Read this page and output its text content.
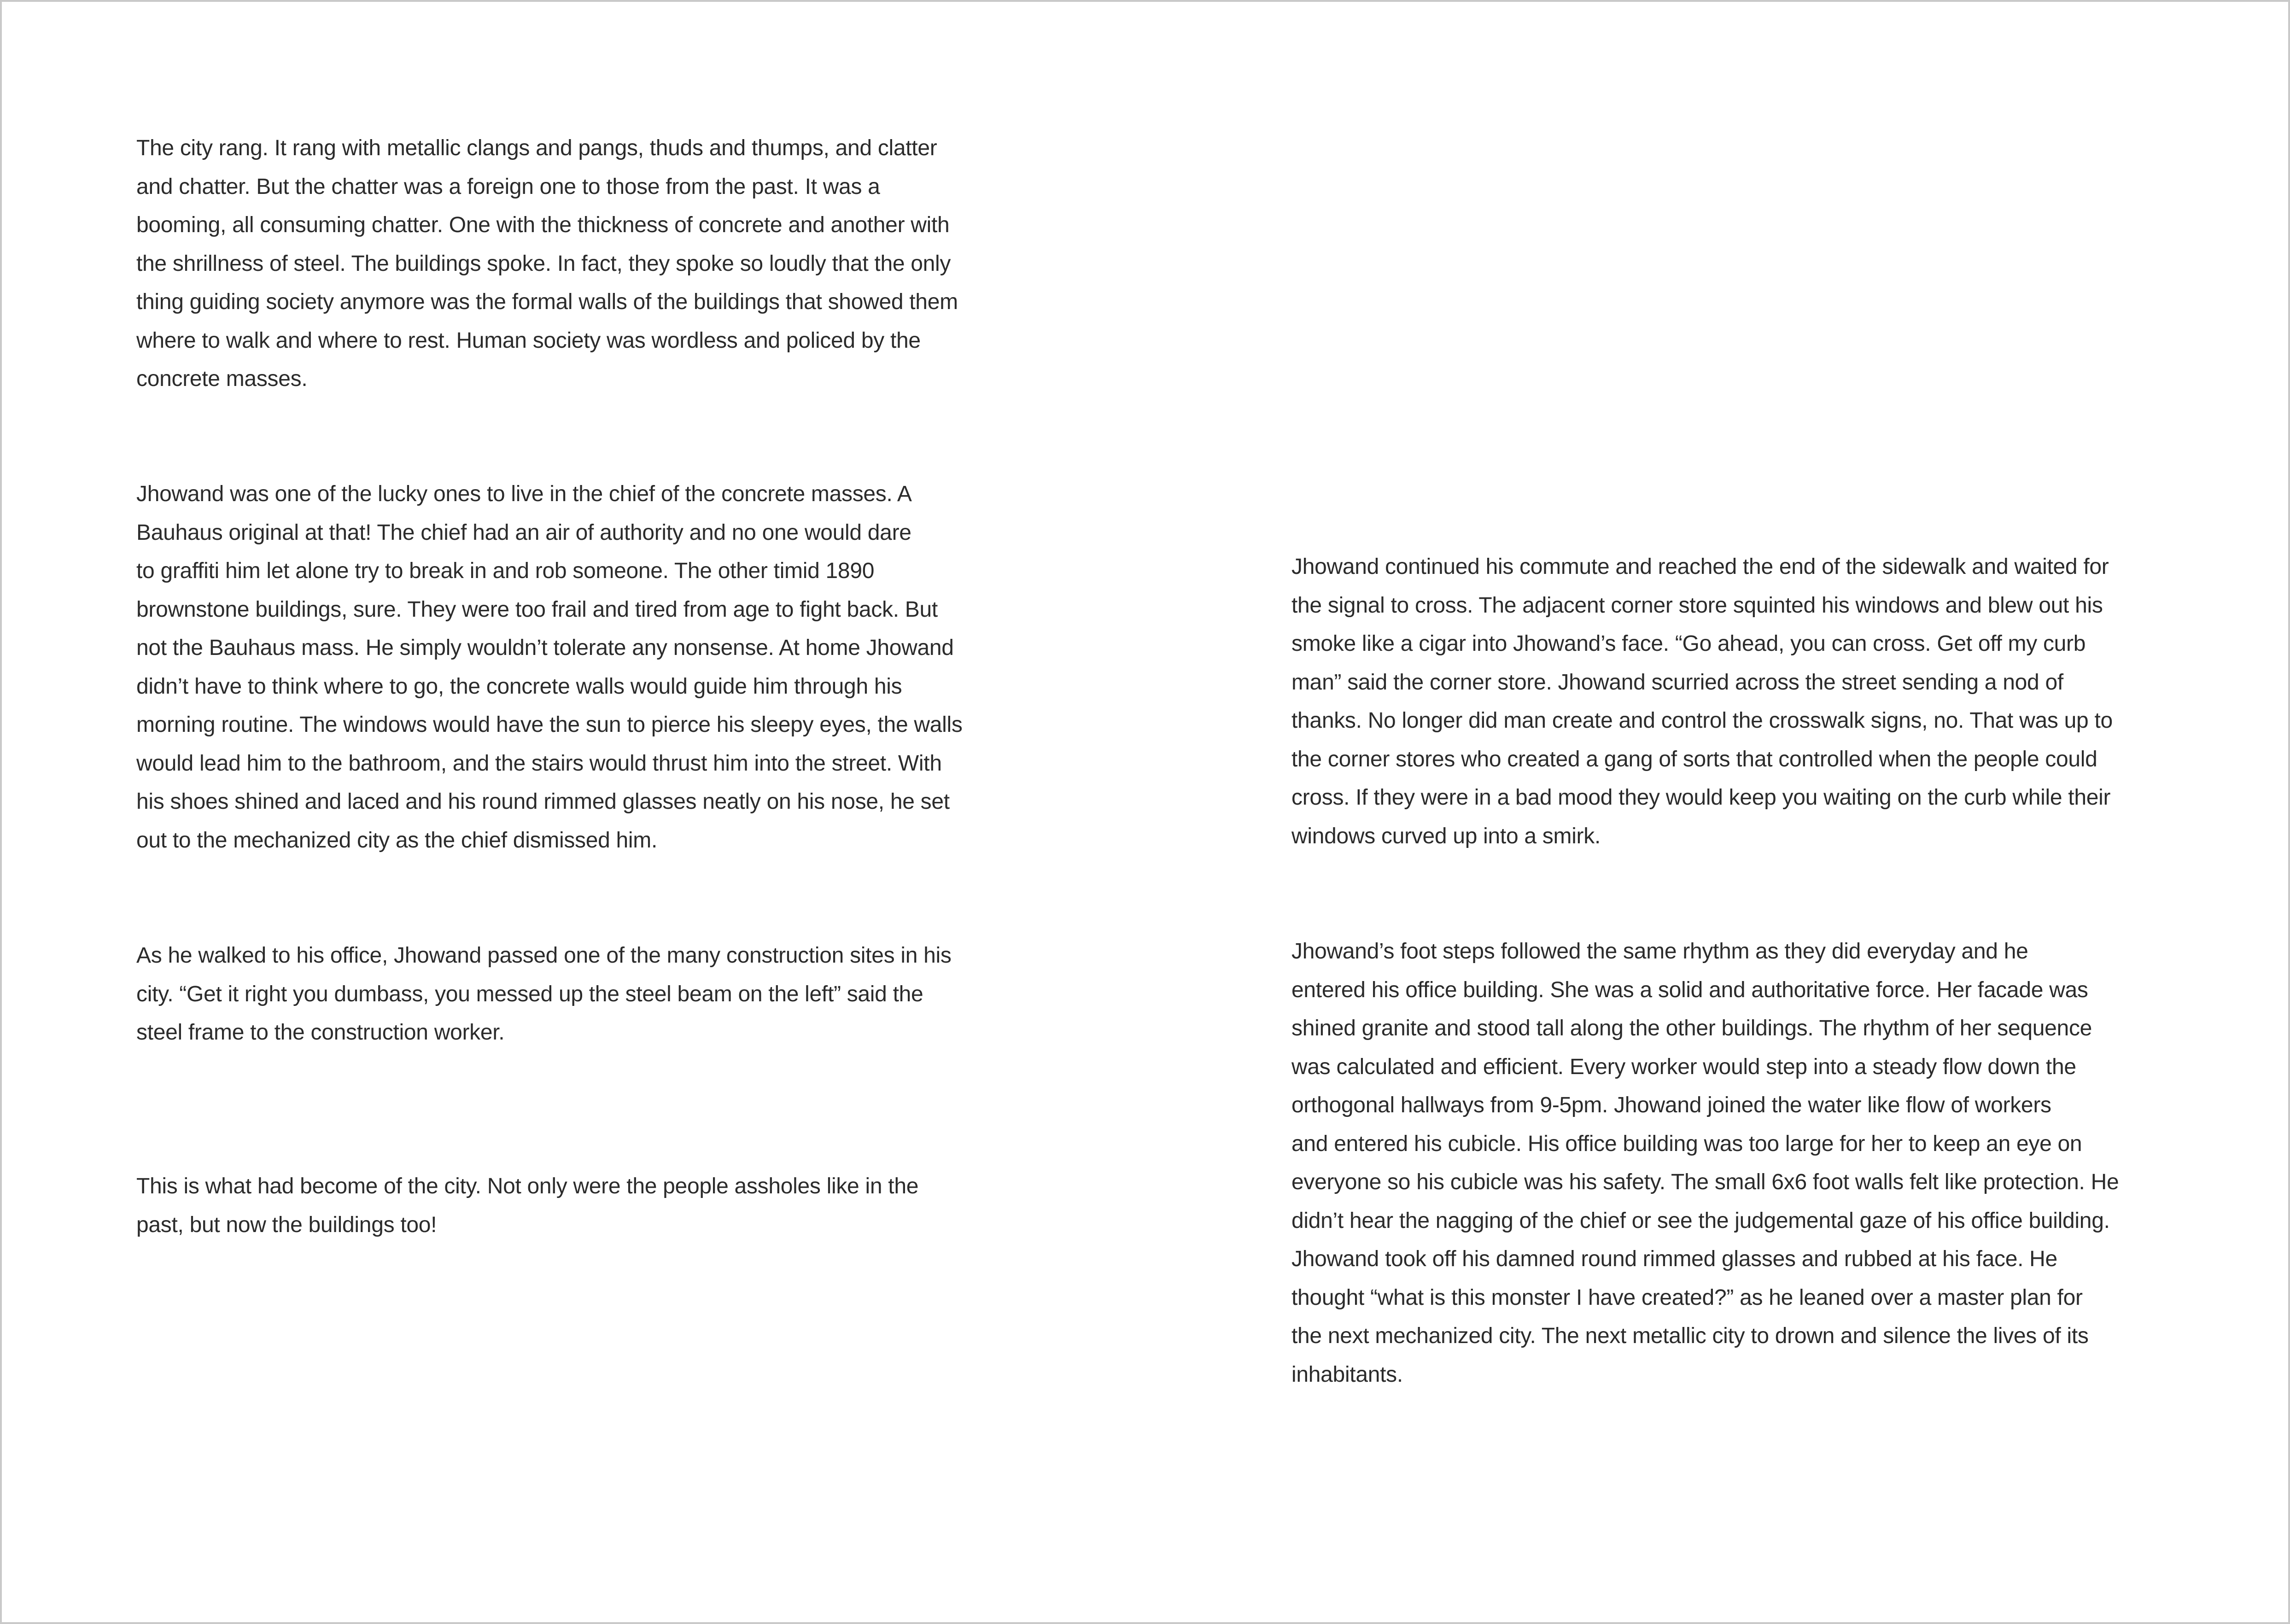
The city rang. It rang with metallic clangs and pangs, thuds and thumps, and clatter
and chatter. But the chatter was a foreign one to those from the past. It was a
booming, all consuming chatter. One with the thickness of concrete and another with
the shrillness of steel. The buildings spoke. In fact, they spoke so loudly that the only
thing guiding society anymore was the formal walls of the buildings that showed them
where to walk and where to rest. Human society was wordless and policed by the
concrete masses.

Jhowand was one of the lucky ones to live in the chief of the concrete masses. A
Bauhaus original at that! The chief had an air of authority and no one would dare
to graffiti him let alone try to break in and rob someone. The other timid 1890
brownstone buildings, sure. They were too frail and tired from age to fight back. But
not the Bauhaus mass. He simply wouldn’t tolerate any nonsense. At home Jhowand
didn’t have to think where to go, the concrete walls would guide him through his
morning routine. The windows would have the sun to pierce his sleepy eyes, the walls
would lead him to the bathroom, and the stairs would thrust him into the street. With
his shoes shined and laced and his round rimmed glasses neatly on his nose, he set
out to the mechanized city as the chief dismissed him.

As he walked to his office, Jhowand passed one of the many construction sites in his
city. “Get it right you dumbass, you messed up the steel beam on the left” said the
steel frame to the construction worker.

This is what had become of the city. Not only were the people assholes like in the
past, but now the buildings too!

Jhowand continued his commute and reached the end of the sidewalk and waited for
the signal to cross. The adjacent corner store squinted his windows and blew out his
smoke like a cigar into Jhowand’s face. “Go ahead, you can cross. Get off my curb
man” said the corner store. Jhowand scurried across the street sending a nod of
thanks. No longer did man create and control the crosswalk signs, no. That was up to
the corner stores who created a gang of sorts that controlled when the people could
cross. If they were in a bad mood they would keep you waiting on the curb while their
windows curved up into a smirk.

Jhowand’s foot steps followed the same rhythm as they did everyday and he
entered his office building. She was a solid and authoritative force. Her facade was
shined granite and stood tall along the other buildings. The rhythm of her sequence
was calculated and efficient. Every worker would step into a steady flow down the
orthogonal hallways from 9-5pm. Jhowand joined the water like flow of workers
and entered his cubicle. His office building was too large for her to keep an eye on
everyone so his cubicle was his safety. The small 6x6 foot walls felt like protection. He
didn’t hear the nagging of the chief or see the judgemental gaze of his office building.
Jhowand took off his damned round rimmed glasses and rubbed at his face. He
thought “what is this monster I have created?” as he leaned over a master plan for
the next mechanized city. The next metallic city to drown and silence the lives of its
inhabitants.
